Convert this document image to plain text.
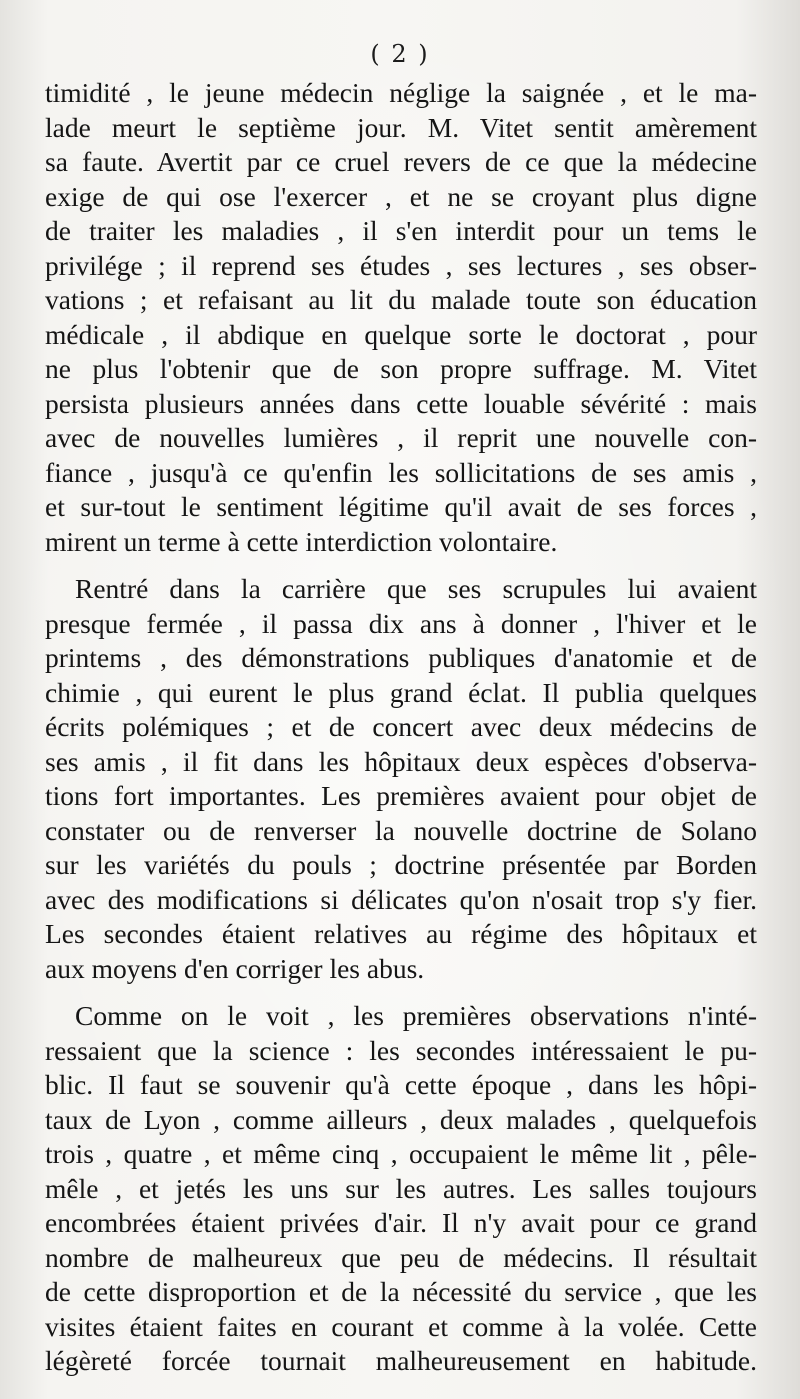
( 2 )
timidité , le jeune médecin néglige la saignée , et le ma-
lade meurt le septième jour. M. Vitet sentit amèrement
sa faute. Avertit par ce cruel revers de ce que la médecine
exige de qui ose l'exercer , et ne se croyant plus digne
de traiter les maladies , il s'en interdit pour un tems le
privilége ; il reprend ses études , ses lectures , ses obser-
vations ; et refaisant au lit du malade toute son éducation
médicale , il abdique en quelque sorte le doctorat , pour
ne plus l'obtenir que de son propre suffrage. M. Vitet
persista plusieurs années dans cette louable sévérité : mais
avec de nouvelles lumières , il reprit une nouvelle con-
fiance , jusqu'à ce qu'enfin les sollicitations de ses amis ,
et sur-tout le sentiment légitime qu'il avait de ses forces ,
mirent un terme à cette interdiction volontaire.
Rentré dans la carrière que ses scrupules lui avaient
presque fermée , il passa dix ans à donner , l'hiver et le
printems , des démonstrations publiques d'anatomie et de
chimie , qui eurent le plus grand éclat. Il publia quelques
écrits polémiques ; et de concert avec deux médecins de
ses amis , il fit dans les hôpitaux deux espèces d'observa-
tions fort importantes. Les premières avaient pour objet de
constater ou de renverser la nouvelle doctrine de Solano
sur les variétés du pouls ; doctrine présentée par Borden
avec des modifications si délicates qu'on n'osait trop s'y fier.
Les secondes étaient relatives au régime des hôpitaux et
aux moyens d'en corriger les abus.
Comme on le voit , les premières observations n'inté-
ressaient que la science : les secondes intéressaient le pu-
blic. Il faut se souvenir qu'à cette époque , dans les hôpi-
taux de Lyon , comme ailleurs , deux malades , quelquefois
trois , quatre , et même cinq , occupaient le même lit , pêle-
mêle , et jetés les uns sur les autres. Les salles toujours
encombrées étaient privées d'air. Il n'y avait pour ce grand
nombre de malheureux que peu de médecins. Il résultait
de cette disproportion et de la nécessité du service , que les
visites étaient faites en courant et comme à la volée. Cette
légèreté forcée tournait malheureusement en habitude.
